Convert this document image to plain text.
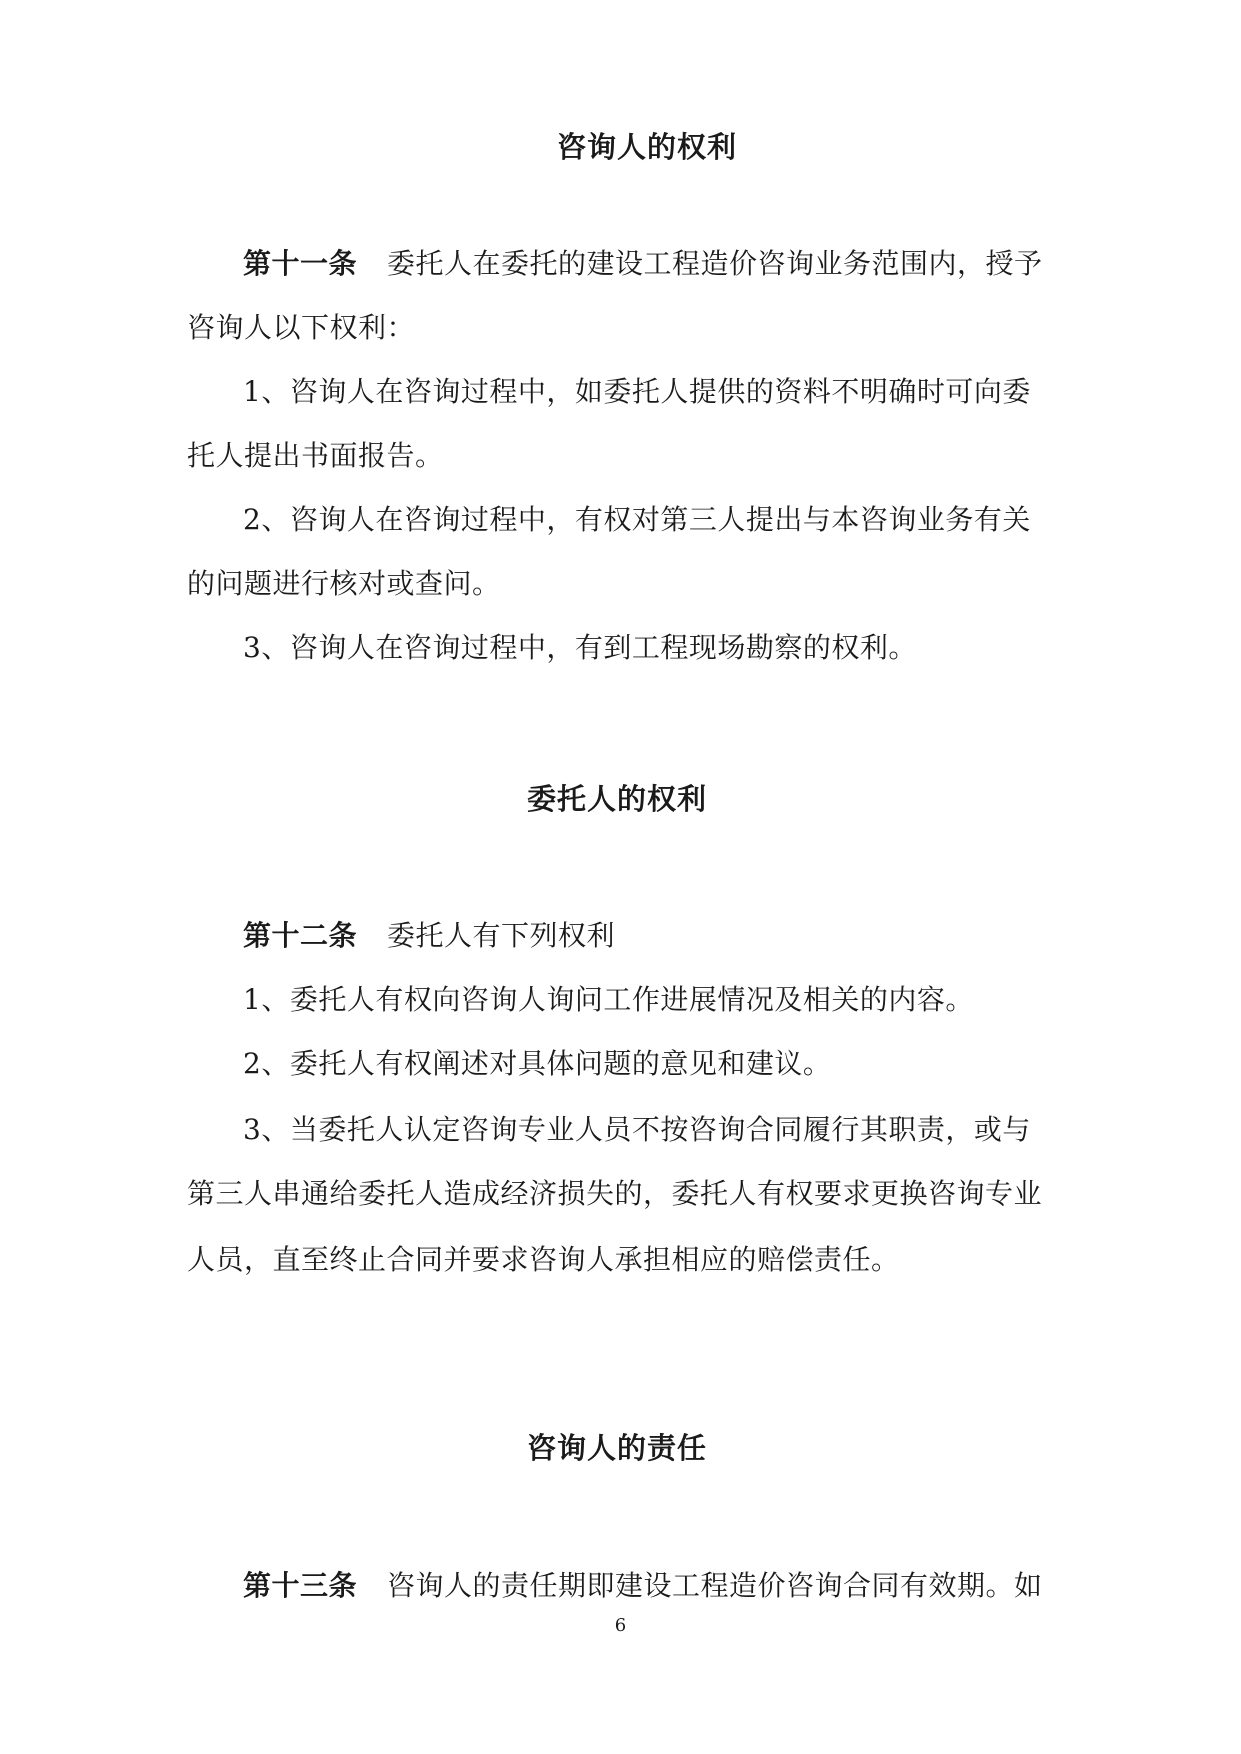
咨询人的权利
第十一条 委托人在委托的建设工程造价咨询业务范围内，授予
咨询人以下权利：
1、咨询人在咨询过程中，如委托人提供的资料不明确时可向委
托人提出书面报告。
2、咨询人在咨询过程中，有权对第三人提出与本咨询业务有关
的问题进行核对或查问。
3、咨询人在咨询过程中，有到工程现场勘察的权利。
委托人的权利
第十二条 委托人有下列权利
1、委托人有权向咨询人询问工作进展情况及相关的内容。
2、委托人有权阐述对具体问题的意见和建议。
3、当委托人认定咨询专业人员不按咨询合同履行其职责，或与
第三人串通给委托人造成经济损失的，委托人有权要求更换咨询专业
人员，直至终止合同并要求咨询人承担相应的赔偿责任。
咨询人的责任
第十三条 咨询人的责任期即建设工程造价咨询合同有效期。如
6
